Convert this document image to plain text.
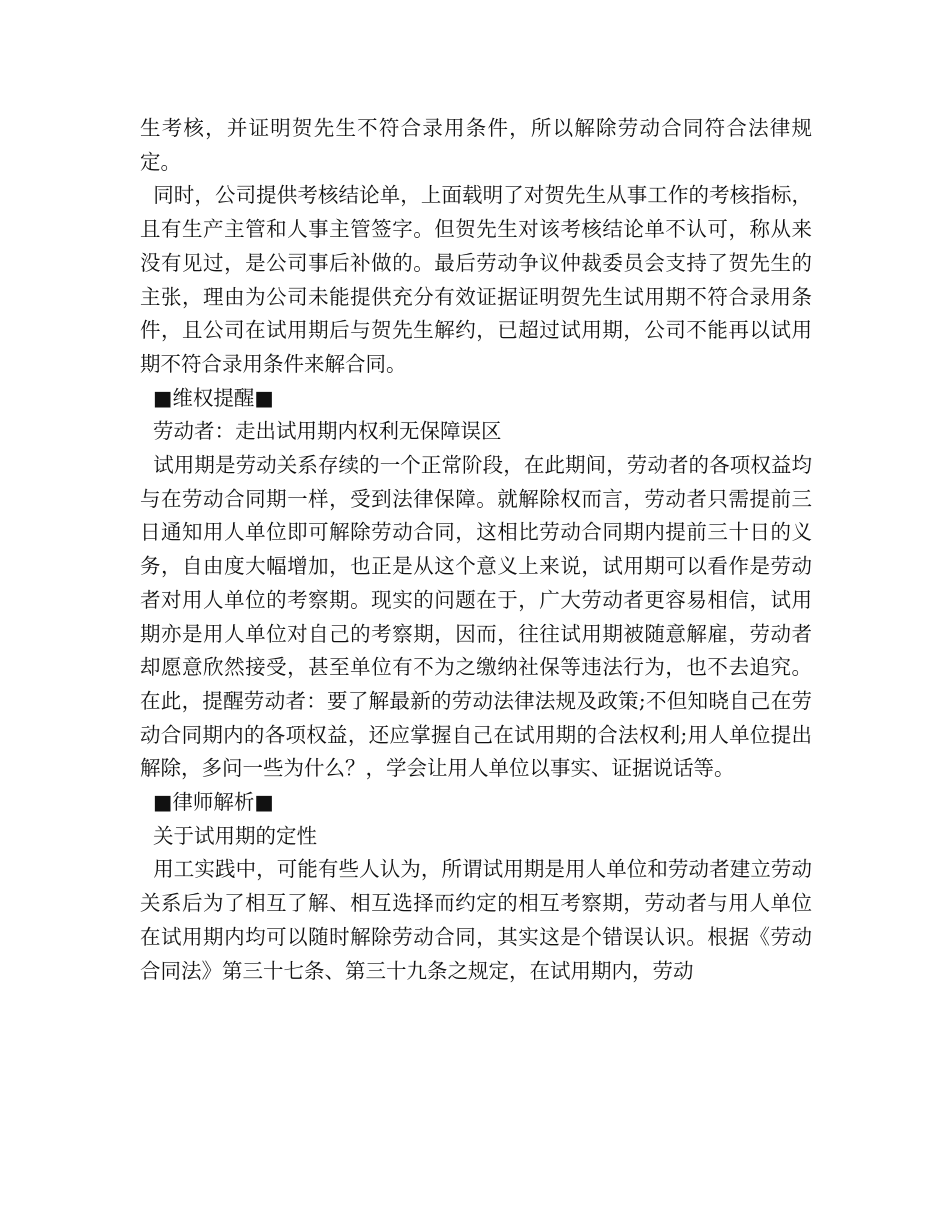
生考核，并证明贺先生不符合录用条件，所以解除劳动合同符合法律规定。

同时，公司提供考核结论单，上面载明了对贺先生从事工作的考核指标，且有生产主管和人事主管签字。但贺先生对该考核结论单不认可，称从来没有见过，是公司事后补做的。最后劳动争议仲裁委员会支持了贺先生的主张，理由为公司未能提供充分有效证据证明贺先生试用期不符合录用条件，且公司在试用期后与贺先生解约，已超过试用期，公司不能再以试用期不符合录用条件来解合同。

■维权提醒■

劳动者：走出试用期内权利无保障误区

试用期是劳动关系存续的一个正常阶段，在此期间，劳动者的各项权益均与在劳动合同期一样，受到法律保障。就解除权而言，劳动者只需提前三日通知用人单位即可解除劳动合同，这相比劳动合同期内提前三十日的义务，自由度大幅增加，也正是从这个意义上来说，试用期可以看作是劳动者对用人单位的考察期。现实的问题在于，广大劳动者更容易相信，试用期亦是用人单位对自己的考察期，因而，往往试用期被随意解雇，劳动者却愿意欣然接受，甚至单位有不为之缴纳社保等违法行为，也不去追究。在此，提醒劳动者：要了解最新的劳动法律法规及政策;不但知晓自己在劳动合同期内的各项权益，还应掌握自己在试用期的合法权利;用人单位提出解除，多问一些为什么？，学会让用人单位以事实、证据说话等。

■律师解析■

关于试用期的定性

用工实践中，可能有些人认为，所谓试用期是用人单位和劳动者建立劳动关系后为了相互了解、相互选择而约定的相互考察期，劳动者与用人单位在试用期内均可以随时解除劳动合同，其实这是个错误认识。根据《劳动合同法》第三十七条、第三十九条之规定，在试用期内，劳动
